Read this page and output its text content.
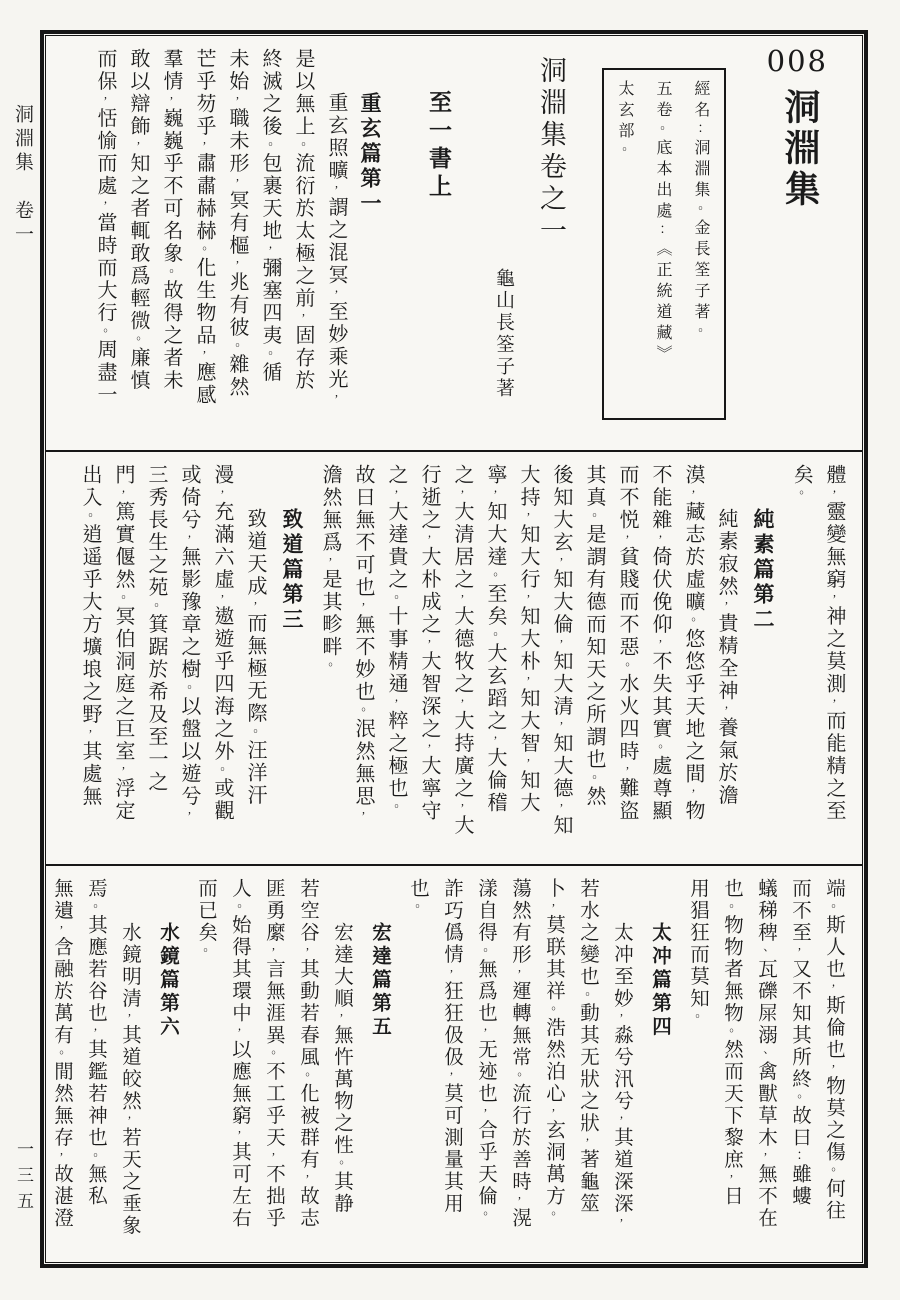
洞淵集　卷一
一三五
008
洞淵集
經名：洞淵集。金長筌子著。
五卷。底本出處：《正統道藏》
太玄部。
洞淵集卷之一
龜山長筌子著
至一書上
重玄篇第一
重玄照曠，謂之混冥，至妙乘光，
是以無上。流衍於太極之前，固存於
終滅之後。包裹天地，彌塞四夷。循
未始，職未形，冥有樞，兆有彼。雜然
芒乎芴乎，肅肅赫赫。化生物品，應感
羣情，巍巍乎不可名象。故得之者未
敢以辯飾，知之者輒敢爲輕微。廉慎
而保，恬愉而處，當時而大行。周盡一
體，靈變無窮，神之莫測，而能精之至
矣。
純素篇第二
純素寂然，貴精全神，養氣於澹
漠，藏志於虛曠。悠悠乎天地之間，物
不能雜，倚伏俛仰，不失其實。處尊顯
而不悦，貧賤而不惡。水火四時，難盜
其真。是謂有德而知天之所謂也。然
後知大玄，知大倫，知大清，知大德，知
大持，知大行，知大朴，知大智，知大
寧，知大達。至矣。大玄蹈之，大倫稽
之，大清居之，大德牧之，大持廣之，大
行逝之，大朴成之，大智深之，大寧守
之，大達貴之。十事精通，粹之極也。
故曰無不可也，無不妙也。泯然無思，
澹然無爲，是其畛畔。
致道篇第三
致道天成，而無極无際。汪洋汗
漫，充滿六虛，遨遊乎四海之外。或觀
或倚兮，無影豫章之樹。以盤以遊兮，
三秀長生之苑。箕踞於希及至一之
門，篤實偃然。冥伯洞庭之巨室，浮定
出入。逍遥乎大方壙埌之野，其處無
端。斯人也，斯倫也，物莫之傷。何往
而不至，又不知其所終。故曰：雖螻
蟻稊稗、瓦礫屎溺、禽獸草木，無不在
也。物物者無物。然而天下黎庶，日
用猖狂而莫知。
太冲篇第四
太冲至妙，淼兮汛兮，其道深深，
若水之變也。動其无狀之狀，著龜筮
卜，莫联其祥。浩然泊心，玄洞萬方。
蕩然有形，運轉無常。流行於善時，滉
漾自得。無爲也，无迹也，合乎天倫。
詐巧僞情，狂狂伋伋，莫可測量其用
也。
宏達篇第五
宏達大順，無忤萬物之性。其静
若空谷，其動若春風。化被群有，故志
匪勇縻，言無涯異。不工乎天，不拙乎
人。始得其環中，以應無窮，其可左右
而已矣。
水鏡篇第六
水鏡明清，其道皎然，若天之垂象
焉。其應若谷也，其鑑若神也。無私
無遺，含融於萬有。閒然無存，故湛澄
